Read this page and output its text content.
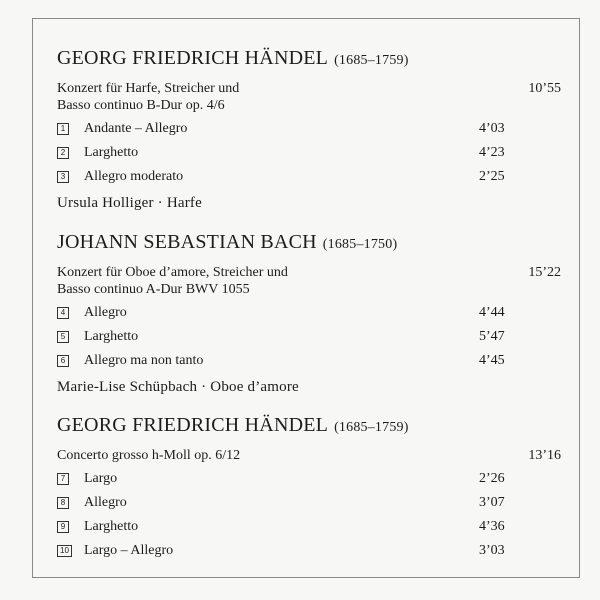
GEORG FRIEDRICH HÄNDEL (1685–1759)
Konzert für Harfe, Streicher und
Basso continuo B-Dur op. 4/6
10’55
1 Andante – Allegro	4’03
2 Larghetto	4’23
3 Allegro moderato	2’25
Ursula Holliger · Harfe
JOHANN SEBASTIAN BACH (1685–1750)
Konzert für Oboe d’amore, Streicher und
Basso continuo A-Dur BWV 1055
15’22
4 Allegro	4’44
5 Larghetto	5’47
6 Allegro ma non tanto	4’45
Marie-Lise Schüpbach · Oboe d’amore
GEORG FRIEDRICH HÄNDEL (1685–1759)
Concerto grosso h-Moll op. 6/12	13’16
7 Largo	2’26
8 Allegro	3’07
9 Larghetto	4’36
10 Largo – Allegro	3’03
